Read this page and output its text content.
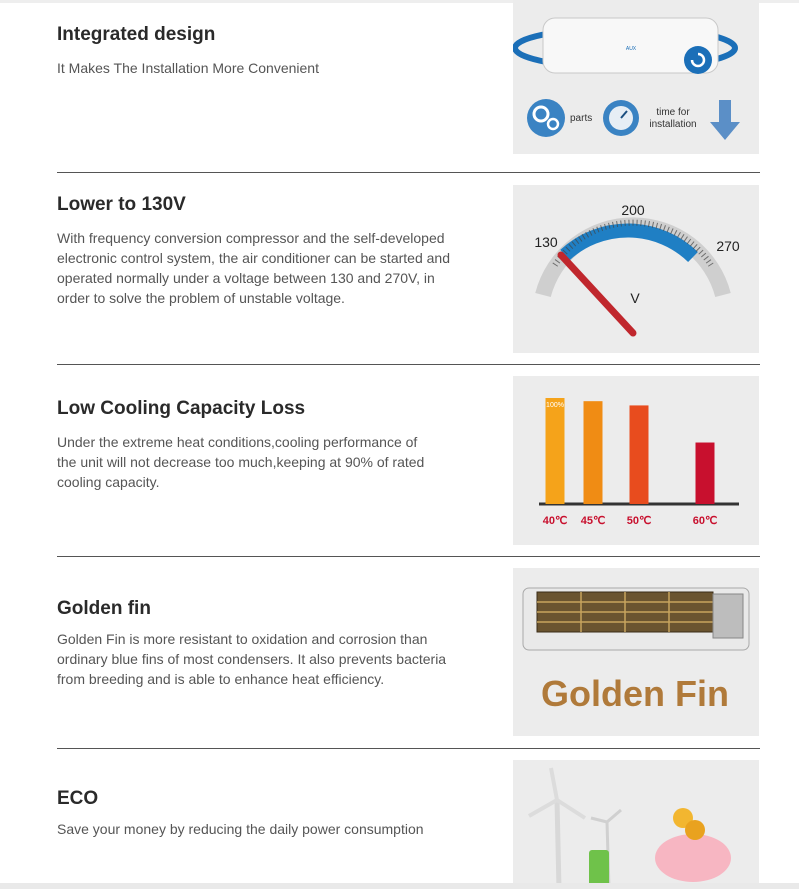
Integrated design
It Makes The Installation More Convenient
AUX
parts
time for
installation
Lower to 130V
With frequency conversion compressor and the self-developed
electronic control system, the air conditioner can be started and
operated normally under a voltage between 130 and 270V, in
order to solve the problem of unstable voltage.
130
200
270
V
Low Cooling Capacity Loss
Under the extreme heat conditions,cooling performance of
the unit will not decrease too much,keeping at 90% of rated
cooling capacity.
40℃
100%
45℃ 50℃	60℃
Golden fin
Golden Fin is more resistant to oxidation and corrosion than
ordinary blue fins of most condensers. It also prevents bacteria
from breeding and is able to enhance heat efficiency.	Golden Fin
ECO
Save your money by reducing the daily power consumption
